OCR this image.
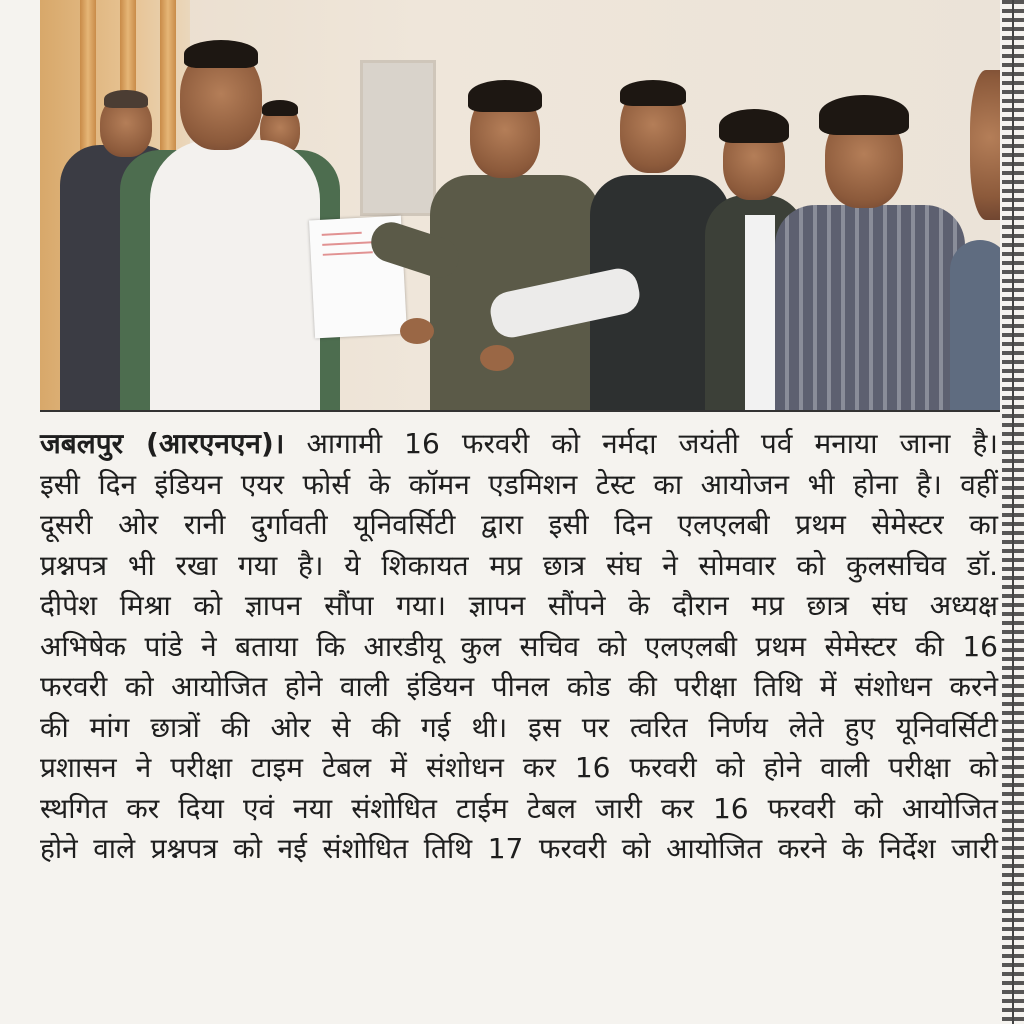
जबलपुर (आरएनएन)। आगामी 16 फरवरी को नर्मदा जयंती पर्व मनाया जाना है।
इसी दिन इंडियन एयर फोर्स के कॉमन एडमिशन टेस्ट का आयोजन भी होना है। वहीं
दूसरी ओर रानी दुर्गावती यूनिवर्सिटी द्वारा इसी दिन एलएलबी प्रथम सेमेस्टर का
प्रश्नपत्र भी रखा गया है। ये शिकायत मप्र छात्र संघ ने सोमवार को कुलसचिव डॉ.
दीपेश मिश्रा को ज्ञापन सौंपा गया। ज्ञापन सौंपने के दौरान मप्र छात्र संघ अध्यक्ष
अभिषेक पांडे ने बताया कि आरडीयू कुल सचिव को एलएलबी प्रथम सेमेस्टर की 16
फरवरी को आयोजित होने वाली इंडियन पीनल कोड की परीक्षा तिथि में संशोधन करने
की मांग छात्रों की ओर से की गई थी। इस पर त्वरित निर्णय लेते हुए यूनिवर्सिटी
प्रशासन ने परीक्षा टाइम टेबल में संशोधन कर 16 फरवरी को होने वाली परीक्षा को
स्थगित कर दिया एवं नया संशोधित टाईम टेबल जारी कर 16 फरवरी को आयोजित
होने वाले प्रश्नपत्र को नई संशोधित तिथि 17 फरवरी को आयोजित करने के निर्देश जारी
